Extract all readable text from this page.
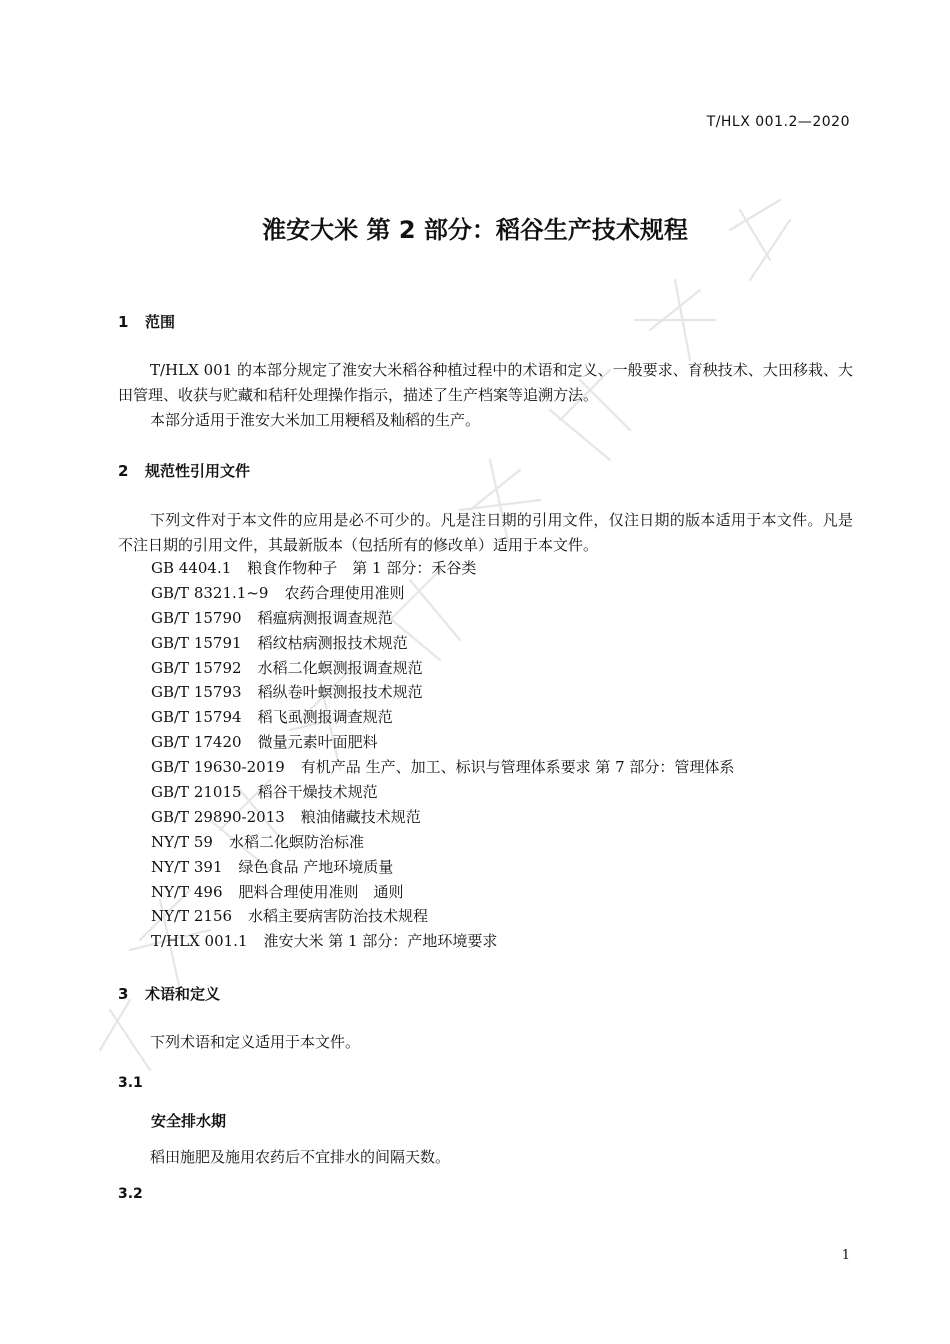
T/HLX 001.2—2020
淮安大米 第 2 部分：稻谷生产技术规程
1 范围

T/HLX 001 的本部分规定了淮安大米稻谷种植过程中的术语和定义、一般要求、育秧技术、大田移栽、大田管理、收获与贮藏和秸秆处理操作指示，描述了生产档案等追溯方法。

本部分适用于淮安大米加工用粳稻及籼稻的生产。

2 规范性引用文件

下列文件对于本文件的应用是必不可少的。凡是注日期的引用文件，仅注日期的版本适用于本文件。凡是不注日期的引用文件，其最新版本（包括所有的修改单）适用于本文件。

GB 4404.1 粮食作物种子　第 1 部分：禾谷类
GB/T 8321.1~9 农药合理使用准则
GB/T 15790 稻瘟病测报调查规范
GB/T 15791 稻纹枯病测报技术规范
GB/T 15792 水稻二化螟测报调查规范
GB/T 15793 稻纵卷叶螟测报技术规范
GB/T 15794 稻飞虱测报调查规范
GB/T 17420 微量元素叶面肥料
GB/T 19630-2019 有机产品 生产、加工、标识与管理体系要求 第 7 部分：管理体系
GB/T 21015 稻谷干燥技术规范
GB/T 29890-2013 粮油储藏技术规范
NY/T 59 水稻二化螟防治标准
NY/T 391 绿色食品 产地环境质量
NY/T 496 肥料合理使用准则　通则
NY/T 2156 水稻主要病害防治技术规程
T/HLX 001.1 淮安大米 第 1 部分：产地环境要求
3 术语和定义

下列术语和定义适用于本文件。

3.1
安全排水期

稻田施肥及施用农药后不宜排水的间隔天数。

3.2
1
